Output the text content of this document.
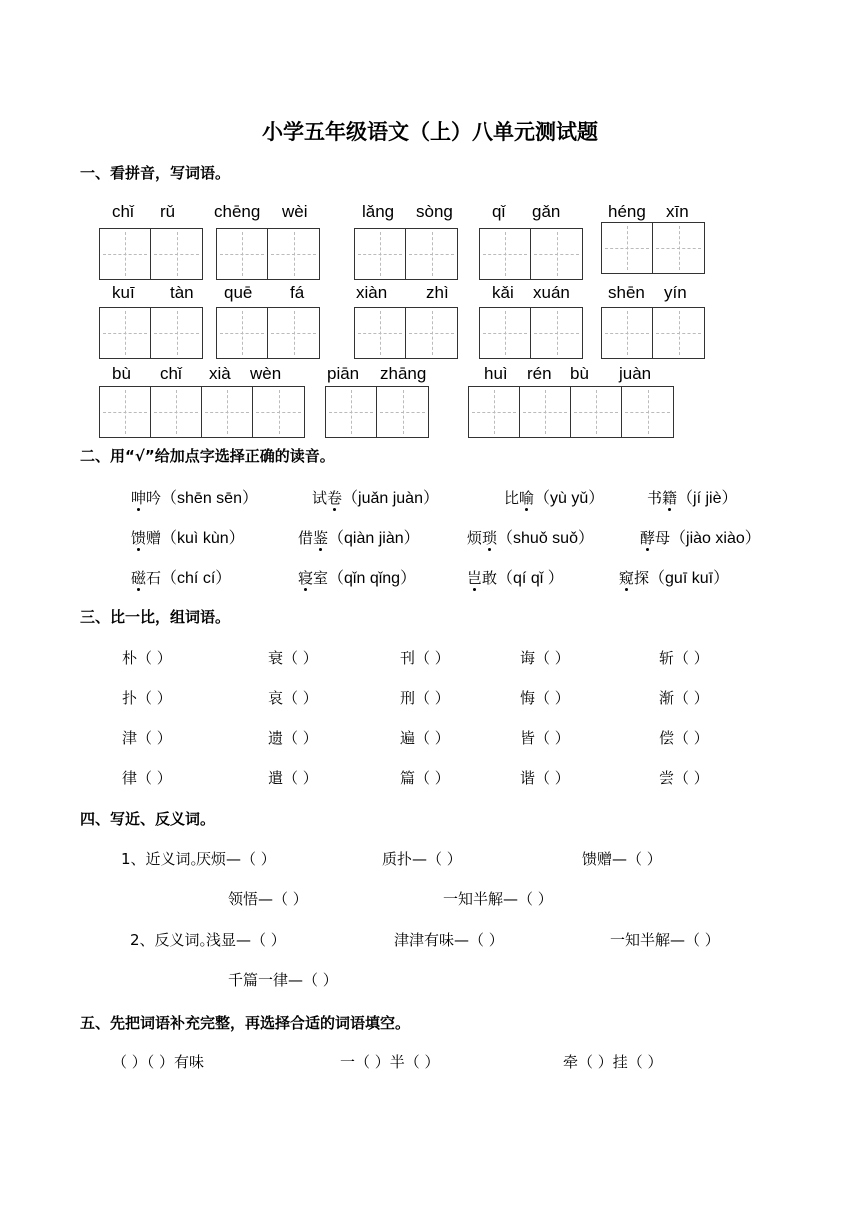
小学五年级语文（上）八单元测试题
一、看拼音，写词语。
chǐ rǔ chēng wèi	lǎng sòng qǐ gǎn	héng xīn
kuī tàn quē fá	xiàn zhì	kǎi xuán shēn yín
bù chǐ xià wèn	piān zhāng	huì rén bù juàn
二、用“√”给加点字选择正确的读音。
呻吟（shēn sēn）	试卷（juǎn juàn）	比喻（yù yǔ）	书籍（jí jiè）
馈赠（kuì kùn）	借鉴（qiàn jiàn）	烦琐（shuǒ suǒ）	酵母（jiào xiào）
磁石（chí cí）	寝室（qǐn qǐng）	岂敢（qí qǐ ）	窥探（guī kuī）
三、比一比，组词语。
朴（ ）	衰（ ）	刊（ ）	诲（ ）	斩（ ）
扑（ ）	哀（ ）	刑（ ）	悔（ ）	渐（ ）
津（ ）	遗（ ）	遍（ ）	皆（ ）	偿（ ）
律（ ）	遣（ ）	篇（ ）	谐（ ）	尝（ ）
四、写近、反义词。
1、近义词。
厌烦—（ ）	质扑—（ ）	馈赠—（ ）
领悟—（ ）	一知半解—（ ）
2、反义词。
浅显—（ ）	津津有味—（ ）	一知半解—（ ）
千篇一律—（ ）
五、先把词语补充完整，再选择合适的词语填空。
（ ）（ ）有味	一（ ）半（ ）	牵（ ）挂（ ）
